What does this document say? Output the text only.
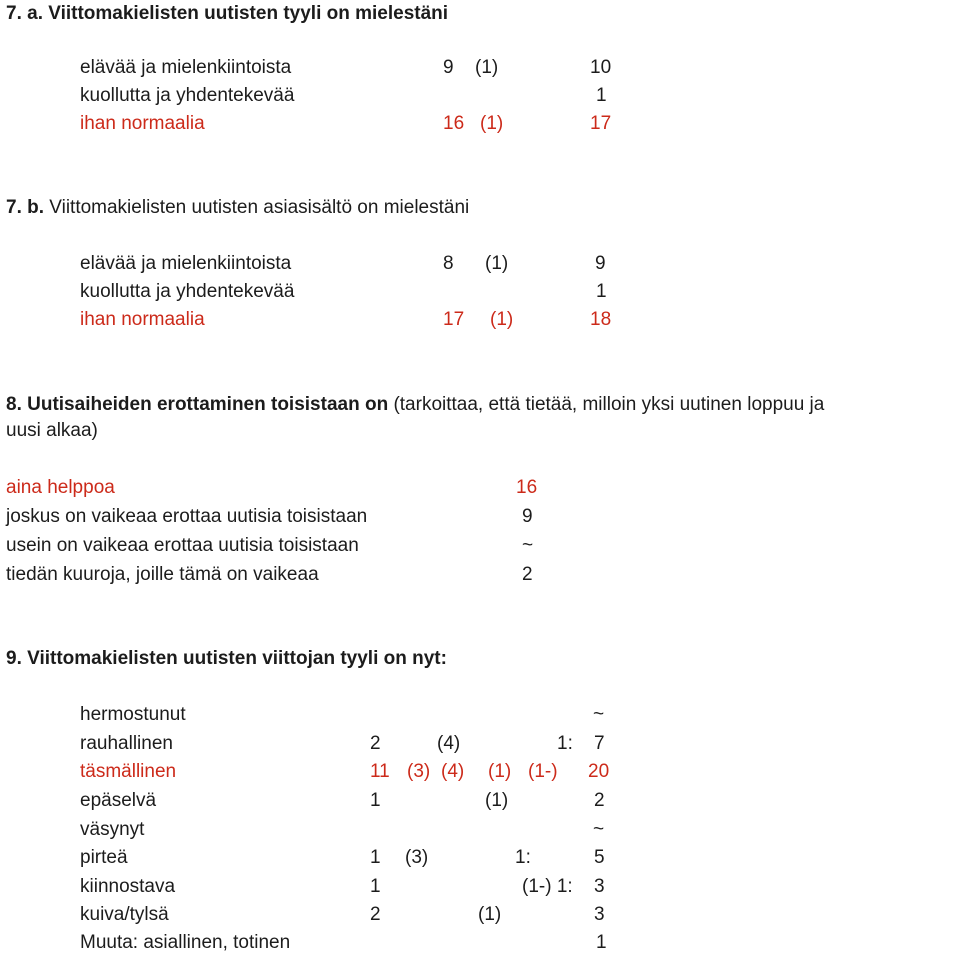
7. a. Viittomakielisten uutisten tyyli on mielestäni
elävää ja mielenkiintoista	9 (1)	10
kuollutta ja yhdentekevää	1
ihan normaalia	16 (1)	17
7. b. Viittomakielisten uutisten asiasisältö on mielestäni
elävää ja mielenkiintoista	8 (1)	9
kuollutta ja yhdentekevää	1
ihan normaalia	17 (1)	18
8. Uutisaiheiden erottaminen toisistaan on (tarkoittaa, että tietää, milloin yksi uutinen loppuu ja
uusi alkaa)
aina helppoa	16
joskus on vaikeaa erottaa uutisia toisistaan	9
usein on vaikeaa erottaa uutisia toisistaan	~
tiedän kuuroja, joille tämä on vaikeaa	2
9. Viittomakielisten uutisten viittojan tyyli on nyt:
hermostunut	~
rauhallinen	2	(4)	1: 7
täsmällinen	11 (3) (4) (1) (1-) 20
epäselvä	1	(1)	2
väsynyt	~
pirteä	1 (3)	1:	5
kiinnostava	1	(1-) 1: 3
kuiva/tylsä	2	(1)	3
Muuta: asiallinen, totinen	1
